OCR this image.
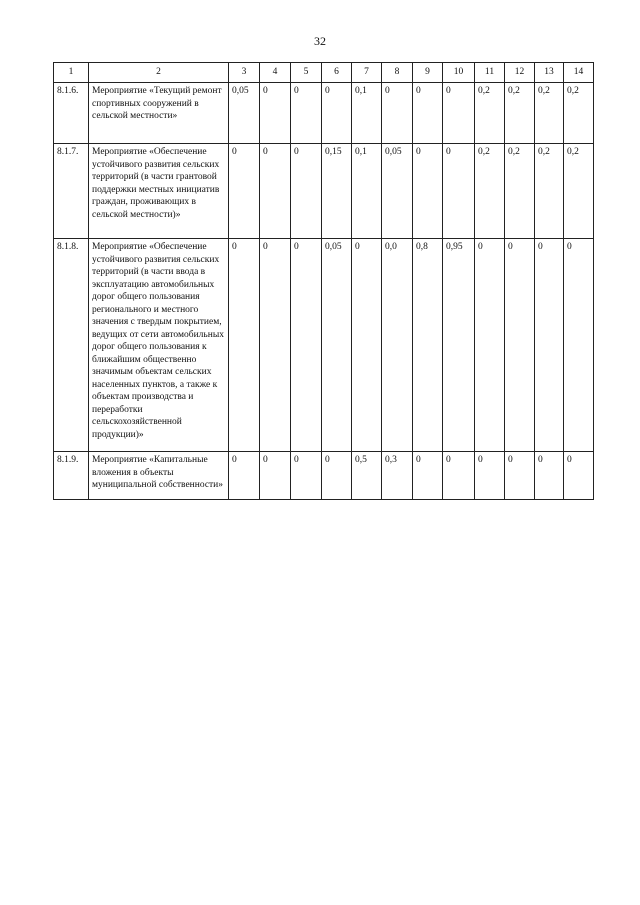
32
1	2	3	4	5	6	7	8	9	10	11	12	13	14
8.1.6.	Мероприятие «Текущий ремонт спортивных сооружений в сельской местности»	0,05	0	0	0	0,1	0	0	0	0,2	0,2	0,2	0,2
8.1.7.	Мероприятие «Обеспечение устойчивого развития сельских территорий (в части грантовой поддержки местных инициатив граждан, проживающих в сельской местности)»	0	0	0	0,15	0,1	0,05	0	0	0,2	0,2	0,2	0,2
8.1.8.	Мероприятие «Обеспечение устойчивого развития сельских территорий (в части ввода в эксплуатацию автомобильных дорог общего пользования регионального и местного значения с твердым покрытием, ведущих от сети автомобильных дорог общего пользования к ближайшим общественно значимым объектам сельских населенных пунктов, а также к объектам производства и переработки сельскохозяйственной продукции)»	0	0	0	0,05	0	0,0	0,8	0,95	0	0	0	0
8.1.9.	Мероприятие «Капитальные вложения в объекты муниципальной собственности»	0	0	0	0	0,5	0,3	0	0	0	0	0	0
